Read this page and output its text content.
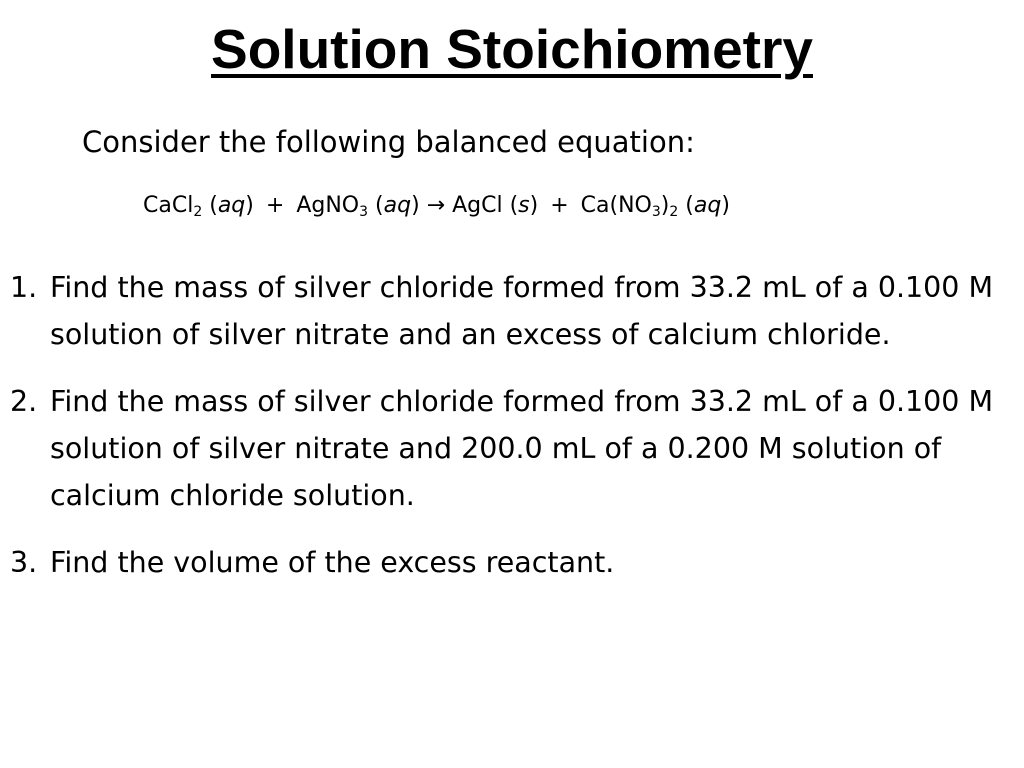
Solution Stoichiometry

Consider the following balanced equation:

CaCl$_2$ (aq) + AgNO$_3$ (aq) → AgCl $(s) + Ca(NO_3)_2$ (aq)

1. Find the mass of silver chloride formed from 33.2 mL of a 0.100 M solution of silver nitrate and an excess of calcium chloride.
2. Find the mass of silver chloride formed from 33.2 mL of a 0.100 M solution of silver nitrate and 200.0 mL of a 0.200 M solution of calcium chloride solution.
3. Find the volume of the excess reactant.
